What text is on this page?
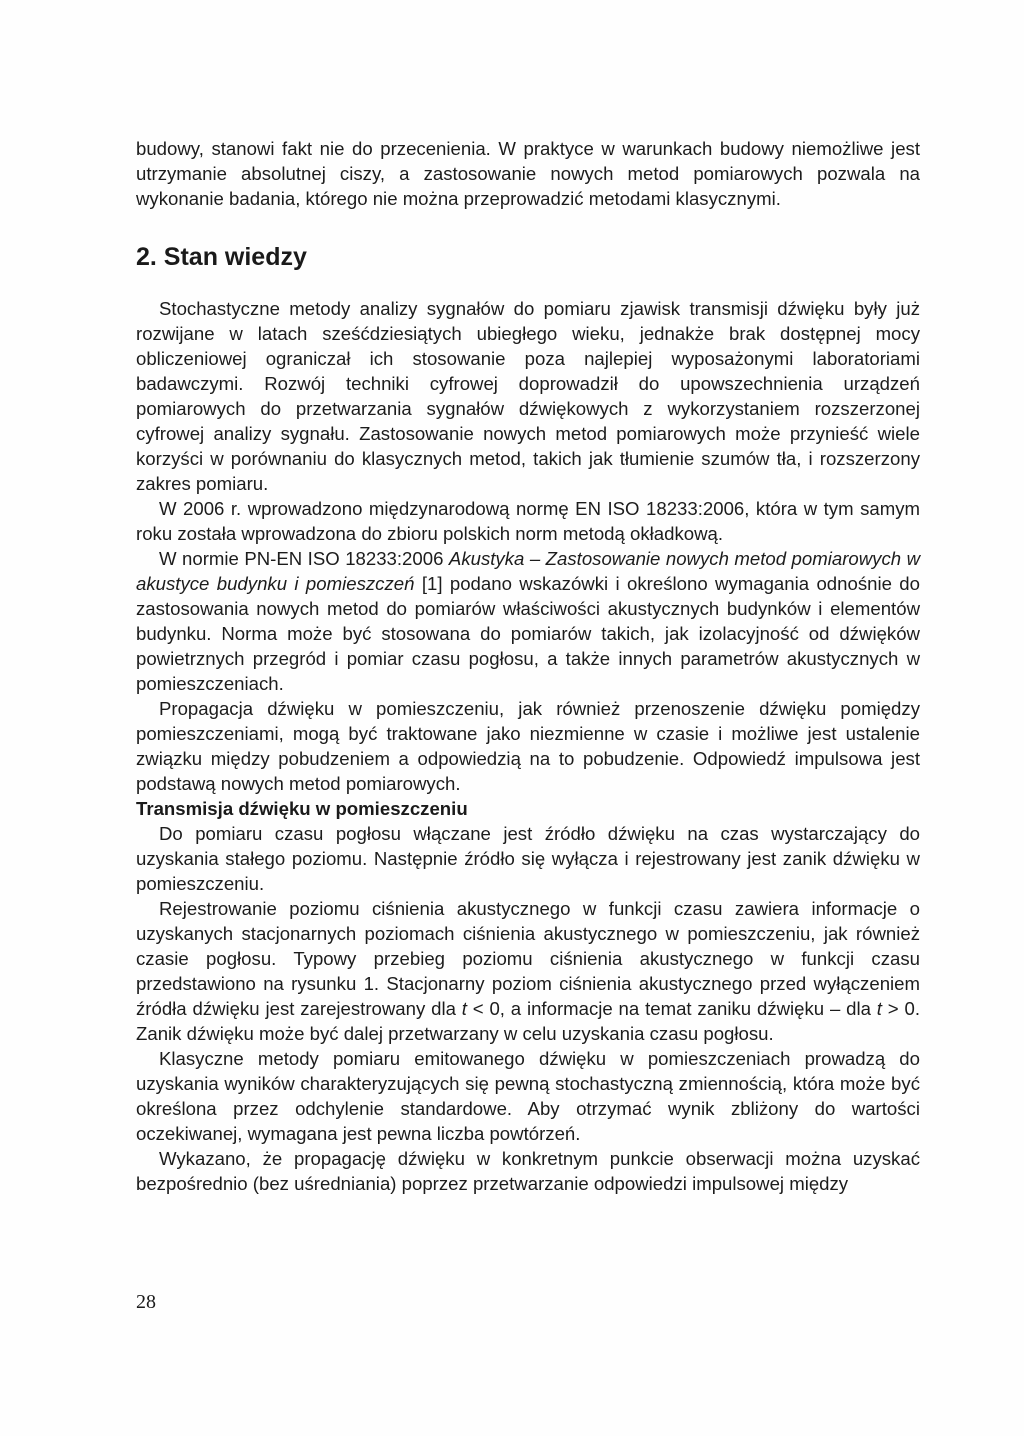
budowy, stanowi fakt nie do przecenienia. W praktyce w warunkach budowy niemożliwe jest utrzymanie absolutnej ciszy, a zastosowanie nowych metod pomiarowych pozwala na wykonanie badania, którego nie można przeprowadzić metodami klasycznymi.

2. Stan wiedzy

Stochastyczne metody analizy sygnałów do pomiaru zjawisk transmisji dźwięku były już rozwijane w latach sześćdziesiątych ubiegłego wieku, jednakże brak dostępnej mocy obliczeniowej ograniczał ich stosowanie poza najlepiej wyposażonymi laboratoriami badawczymi. Rozwój techniki cyfrowej doprowadził do upowszechnienia urządzeń pomiarowych do przetwarzania sygnałów dźwiękowych z wykorzystaniem rozszerzonej cyfrowej analizy sygnału. Zastosowanie nowych metod pomiarowych może przynieść wiele korzyści w porównaniu do klasycznych metod, takich jak tłumienie szumów tła, i rozszerzony zakres pomiaru.

W 2006 r. wprowadzono międzynarodową normę EN ISO 18233:2006, która w tym samym roku została wprowadzona do zbioru polskich norm metodą okładkową.

W normie PN-EN ISO 18233:2006 Akustyka – Zastosowanie nowych metod pomiarowych w akustyce budynku i pomieszczeń [1] podano wskazówki i określono wymagania odnośnie do zastosowania nowych metod do pomiarów właściwości akustycznych budynków i elementów budynku. Norma może być stosowana do pomiarów takich, jak izolacyjność od dźwięków powietrznych przegród i pomiar czasu pogłosu, a także innych parametrów akustycznych w pomieszczeniach.

Propagacja dźwięku w pomieszczeniu, jak również przenoszenie dźwięku pomiędzy pomieszczeniami, mogą być traktowane jako niezmienne w czasie i możliwe jest ustalenie związku między pobudzeniem a odpowiedzią na to pobudzenie. Odpowiedź impulsowa jest podstawą nowych metod pomiarowych.

Transmisja dźwięku w pomieszczeniu

Do pomiaru czasu pogłosu włączane jest źródło dźwięku na czas wystarczający do uzyskania stałego poziomu. Następnie źródło się wyłącza i rejestrowany jest zanik dźwięku w pomieszczeniu.

Rejestrowanie poziomu ciśnienia akustycznego w funkcji czasu zawiera informacje o uzyskanych stacjonarnych poziomach ciśnienia akustycznego w pomieszczeniu, jak również czasie pogłosu. Typowy przebieg poziomu ciśnienia akustycznego w funkcji czasu przedstawiono na rysunku 1. Stacjonarny poziom ciśnienia akustycznego przed wyłączeniem źródła dźwięku jest zarejestrowany dla t < 0, a informacje na temat zaniku dźwięku – dla t > 0. Zanik dźwięku może być dalej przetwarzany w celu uzyskania czasu pogłosu.

Klasyczne metody pomiaru emitowanego dźwięku w pomieszczeniach prowadzą do uzyskania wyników charakteryzujących się pewną stochastyczną zmiennością, która może być określona przez odchylenie standardowe. Aby otrzymać wynik zbliżony do wartości oczekiwanej, wymagana jest pewna liczba powtórzeń.

Wykazano, że propagację dźwięku w konkretnym punkcie obserwacji można uzyskać bezpośrednio (bez uśredniania) poprzez przetwarzanie odpowiedzi impulsowej między

28
